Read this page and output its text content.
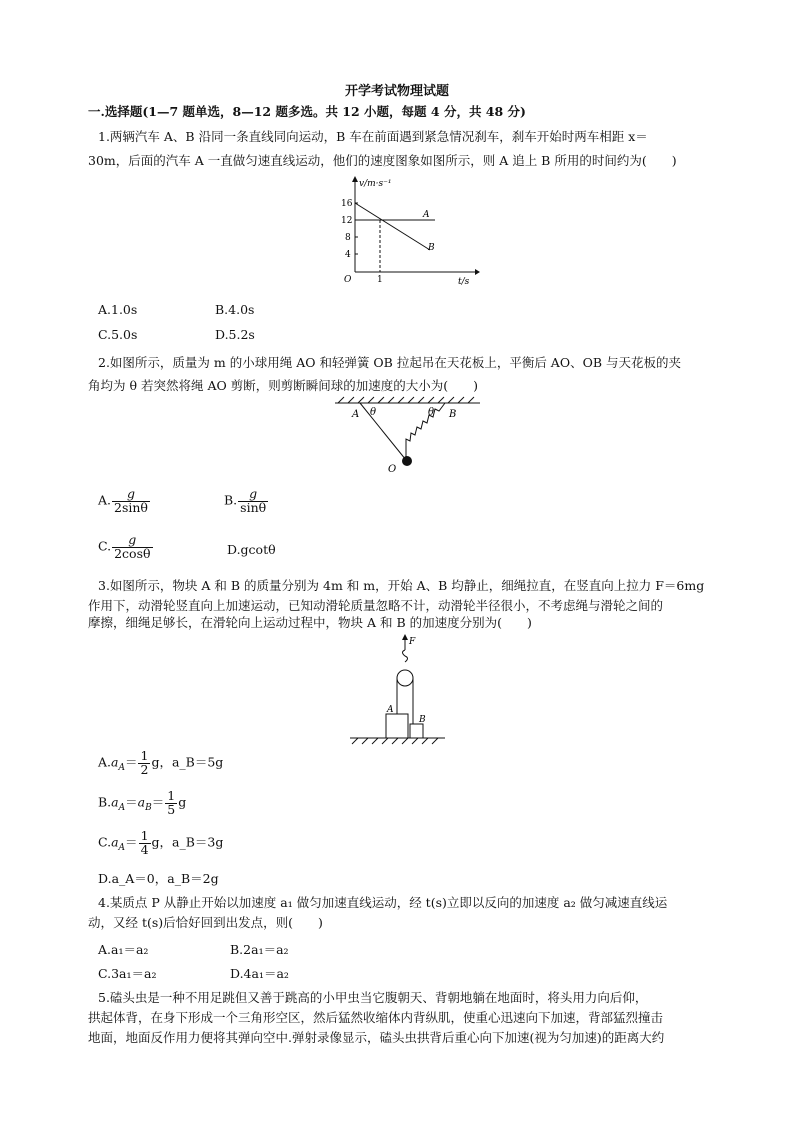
开学考试物理试题
一.选择题(1—7 题单选，8—12 题多选。共 12 小题，每题 4 分，共 48 分)
1.两辆汽车 A、B 沿同一条直线同向运动，B 车在前面遇到紧急情况刹车，刹车开始时两车相距 x＝
30m，后面的汽车 A 一直做匀速直线运动，他们的速度图象如图所示，则 A 追上 B 所用的时间约为(　　)
v/m·s⁻¹
16
12
8
4
O	1	t/s
A
B
A.1.0s	B.4.0s
C.5.0s	D.5.2s
2.如图所示，质量为 m 的小球用绳 AO 和轻弹簧 OB 拉起吊在天花板上，平衡后 AO、OB 与天花板的夹
角均为 θ 若突然将绳 AO 剪断，则剪断瞬间球的加速度的大小为(　　)
A θ	θ B
O
A. $\frac{g}{2\sin\theta}$	B. $\frac{g}{\sin\theta}$
C. $\frac{g}{2\cos\theta}$	D.gcotθ
3.如图所示，物块 A 和 B 的质量分别为 4m 和 m，开始 A、B 均静止，细绳拉直，在竖直向上拉力 F＝6mg
作用下，动滑轮竖直向上加速运动，已知动滑轮质量忽略不计，动滑轮半径很小，不考虑绳与滑轮之间的
摩擦，细绳足够长，在滑轮向上运动过程中，物块 A 和 B 的加速度分别为(　　)
F
A
B
$A.a_A= \frac{1}{2}$ g，a_B＝5g
$B.a_A=a_B= \frac{1}{5}$ g
$C.a_A= \frac{1}{4}$ g，a_B＝3g
D.a_A＝0，a_B＝2g
4.某质点 P 从静止开始以加速度 a₁ 做匀加速直线运动，经 t(s)立即以反向的加速度 a₂ 做匀减速直线运
动，又经 t(s)后恰好回到出发点，则(　　)
A.a₁＝a₂	B.2a₁＝a₂
C.3a₁＝a₂	D.4a₁＝a₂
5.磕头虫是一种不用足跳但又善于跳高的小甲虫当它腹朝天、背朝地躺在地面时，将头用力向后仰，
拱起体背，在身下形成一个三角形空区，然后猛然收缩体内背纵肌，使重心迅速向下加速，背部猛烈撞击
地面，地面反作用力便将其弹向空中.弹射录像显示，磕头虫拱背后重心向下加速(视为匀加速)的距离大约
